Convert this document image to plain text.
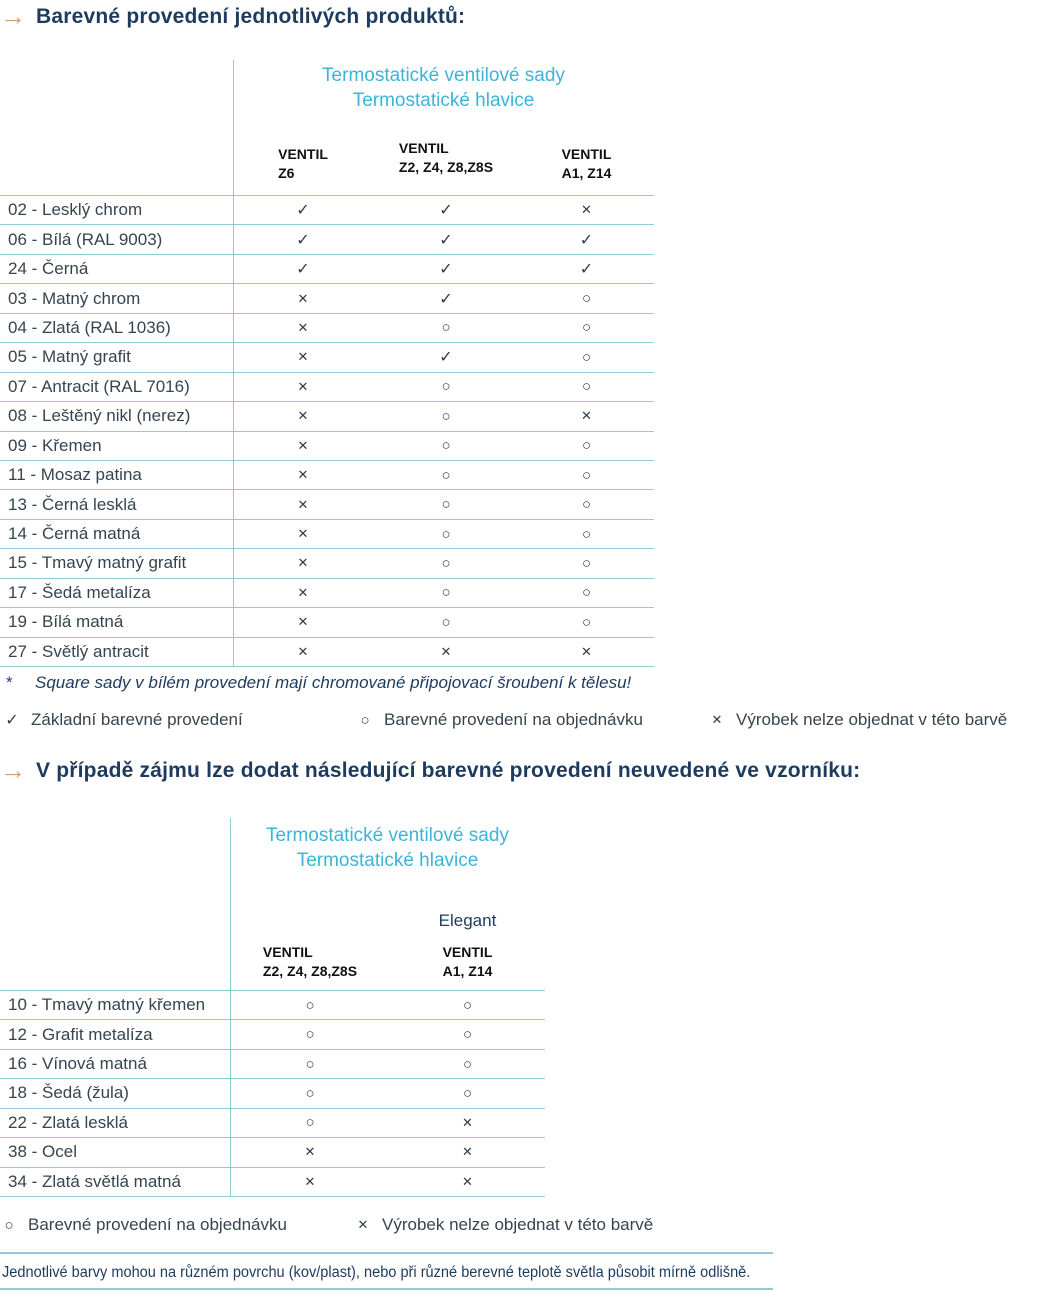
→ Barevné provedení jednotlivých produktů:
Termostatické ventilové sady
Termostatické hlavice
VENTIL
Z6
VENTIL
Z2, Z4, Z8,Z8S
VENTIL
A1, Z14
02 - Lesklý chrom	✓	✓	✕
06 - Bílá (RAL 9003)	✓	✓	✓
24 - Černá	✓	✓	✓
03 - Matný chrom	✕	✓	○
04 - Zlatá (RAL 1036)	✕	○	○
05 - Matný grafit	✕	✓	○
07 - Antracit (RAL 7016)	✕	○	○
08 - Leštěný nikl (nerez)	✕	○	✕
09 - Křemen	✕	○	○
11 - Mosaz patina	✕	○	○
13 - Černá lesklá	✕	○	○
14 - Černá matná	✕	○	○
15 - Tmavý matný grafit	✕	○	○
17 - Šedá metalíza	✕	○	○
19 - Bílá matná	✕	○	○
27 - Světlý antracit	✕	✕	✕
*	Square sady v bílém provedení mají chromované připojovací šroubení k tělesu!
✓ Základní barevné provedení	○ Barevné provedení na objednávku	✕ Výrobek nelze objednat v této barvě
→ V případě zájmu lze dodat následující barevné provedení neuvedené ve vzorníku:
Termostatické ventilové sady
Termostatické hlavice
Elegant
VENTIL
Z2, Z4, Z8,Z8S
VENTIL
A1, Z14
10 - Tmavý matný křemen	○	○
12 - Grafit metalíza	○	○
16 - Vínová matná	○	○
18 - Šedá (žula)	○	○
22 - Zlatá lesklá	○	✕
38 - Ocel	✕	✕
34 - Zlatá světlá matná	✕	✕
○ Barevné provedení na objednávku	✕ Výrobek nelze objednat v této barvě
Jednotlivé barvy mohou na různém povrchu (kov/plast), nebo při různé berevné teplotě světla působit mírně odlišně.
